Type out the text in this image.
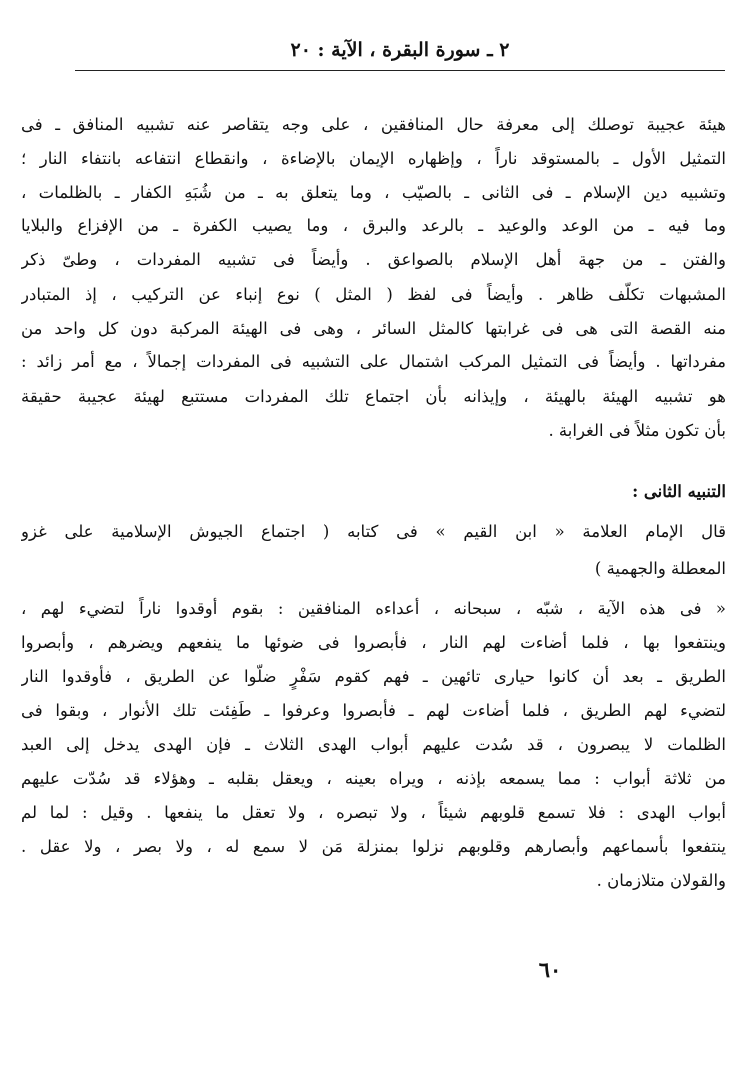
٢ ـ سورة البقرة ، الآية : ٢٠
هيئة عجيبة توصلك إلى معرفة حال المنافقين ، على وجه يتقاصر عنه تشبيه المنافق ـ فى
التمثيل الأول ـ بالمستوقد ناراً ، وإظهاره الإيمان بالإضاءة ، وانقطاع انتفاعه بانتفاء النار ؛
وتشبيه دين الإسلام ـ فى الثانى ـ بالصيّب ، وما يتعلق به ـ من شُبَهِ الكفار ـ بالظلمات ،
وما فيه ـ من الوعد والوعيد ـ بالرعد والبرق ، وما يصيب الكفرة ـ من الإفزاع والبلايا
والفتن ـ من جهة أهل الإسلام بالصواعق . وأيضاً فى تشبيه المفردات ، وطىّ ذكر
المشبهات تكلّف ظاهر . وأيضاً فى لفظ ( المثل ) نوع إنباء عن التركيب ، إذ المتبادر
منه القصة التى هى فى غرابتها كالمثل السائر ، وهى فى الهيئة المركبة دون كل واحد من
مفرداتها . وأيضاً فى التمثيل المركب اشتمال على التشبيه فى المفردات إجمالاً ، مع أمر زائد :
هو تشبيه الهيئة بالهيئة ، وإيذانه بأن اجتماع تلك المفردات مستتبع لهيئة عجيبة حقيقة
بأن تكون مثلاً فى الغرابة .
التنبيه الثانى :
قال الإمام العلامة « ابن القيم » فى كتابه ( اجتماع الجيوش الإسلامية على غزو
المعطلة والجهمية )
« فى هذه الآية ، شبّه ، سبحانه ، أعداءه المنافقين : بقوم أوقدوا ناراً لتضيء لهم ،
وينتفعوا بها ، فلما أضاءت لهم النار ، فأبصروا فى ضوئها ما ينفعهم ويضرهم ، وأبصروا
الطريق ـ بعد أن كانوا حيارى تائهين ـ فهم كقوم سَفْرٍ ضلّوا عن الطريق ، فأوقدوا النار
لتضيء لهم الطريق ، فلما أضاءت لهم ـ فأبصروا وعرفوا ـ طَفِئت تلك الأنوار ، وبقوا فى
الظلمات لا يبصرون ، قد سُدت عليهم أبواب الهدى الثلاث ـ فإن الهدى يدخل إلى العبد
من ثلاثة أبواب : مما يسمعه بإذنه ، ويراه بعينه ، ويعقل بقلبه ـ وهؤلاء قد سُدّت عليهم
أبواب الهدى : فلا تسمع قلوبهم شيئاً ، ولا تبصره ، ولا تعقل ما ينفعها . وقيل : لما لم
ينتفعوا بأسماعهم وأبصارهم وقلوبهم نزلوا بمنزلة مَن لا سمع له ، ولا بصر ، ولا عقل .
والقولان متلازمان .
٦٠
